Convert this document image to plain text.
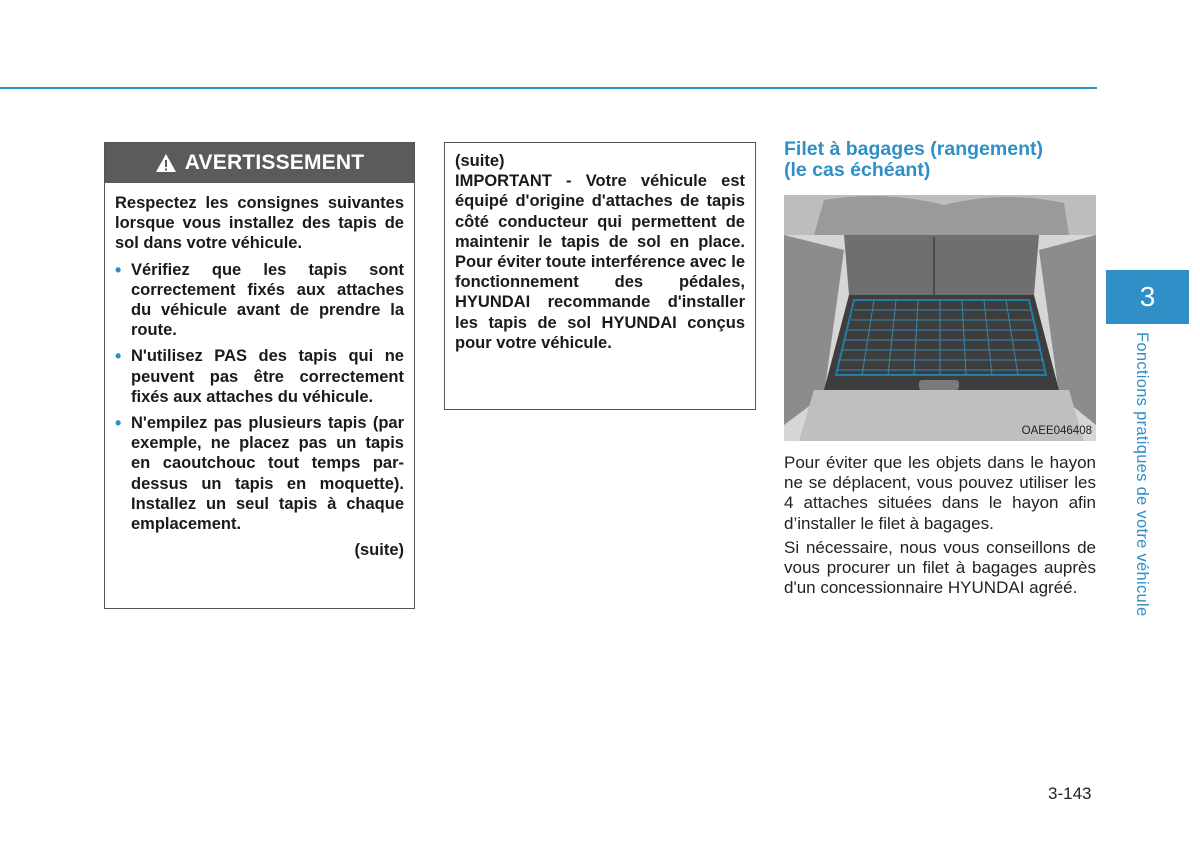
AVERTISSEMENT

Respectez les consignes suivantes lorsque vous installez des tapis de sol dans votre véhicule.

• Vérifiez que les tapis sont correctement fixés aux attaches du véhicule avant de prendre la route.
• N'utilisez PAS des tapis qui ne peuvent pas être correctement fixés aux attaches du véhicule.
• N'empilez pas plusieurs tapis (par exemple, ne placez pas un tapis en caoutchouc tout temps par-dessus un tapis en moquette). Installez un seul tapis à chaque emplacement.
(suite)

(suite)

IMPORTANT - Votre véhicule est équipé d'origine d'attaches de tapis côté conducteur qui permettent de maintenir le tapis de sol en place. Pour éviter toute interférence avec le fonctionnement des pédales, HYUNDAI recommande d'installer les tapis de sol HYUNDAI conçus pour votre véhicule.

Filet à bagages (rangement)
(le cas échéant)
OAEE046408

Pour éviter que les objets dans le hayon ne se déplacent, vous pouvez utiliser les 4 attaches situées dans le hayon afin d’installer le filet à bagages.

Si nécessaire, nous vous conseillons de vous procurer un filet à bagages auprès d'un concessionnaire HYUNDAI agréé.

3
Fonctions pratiques de votre véhicule
3-143
